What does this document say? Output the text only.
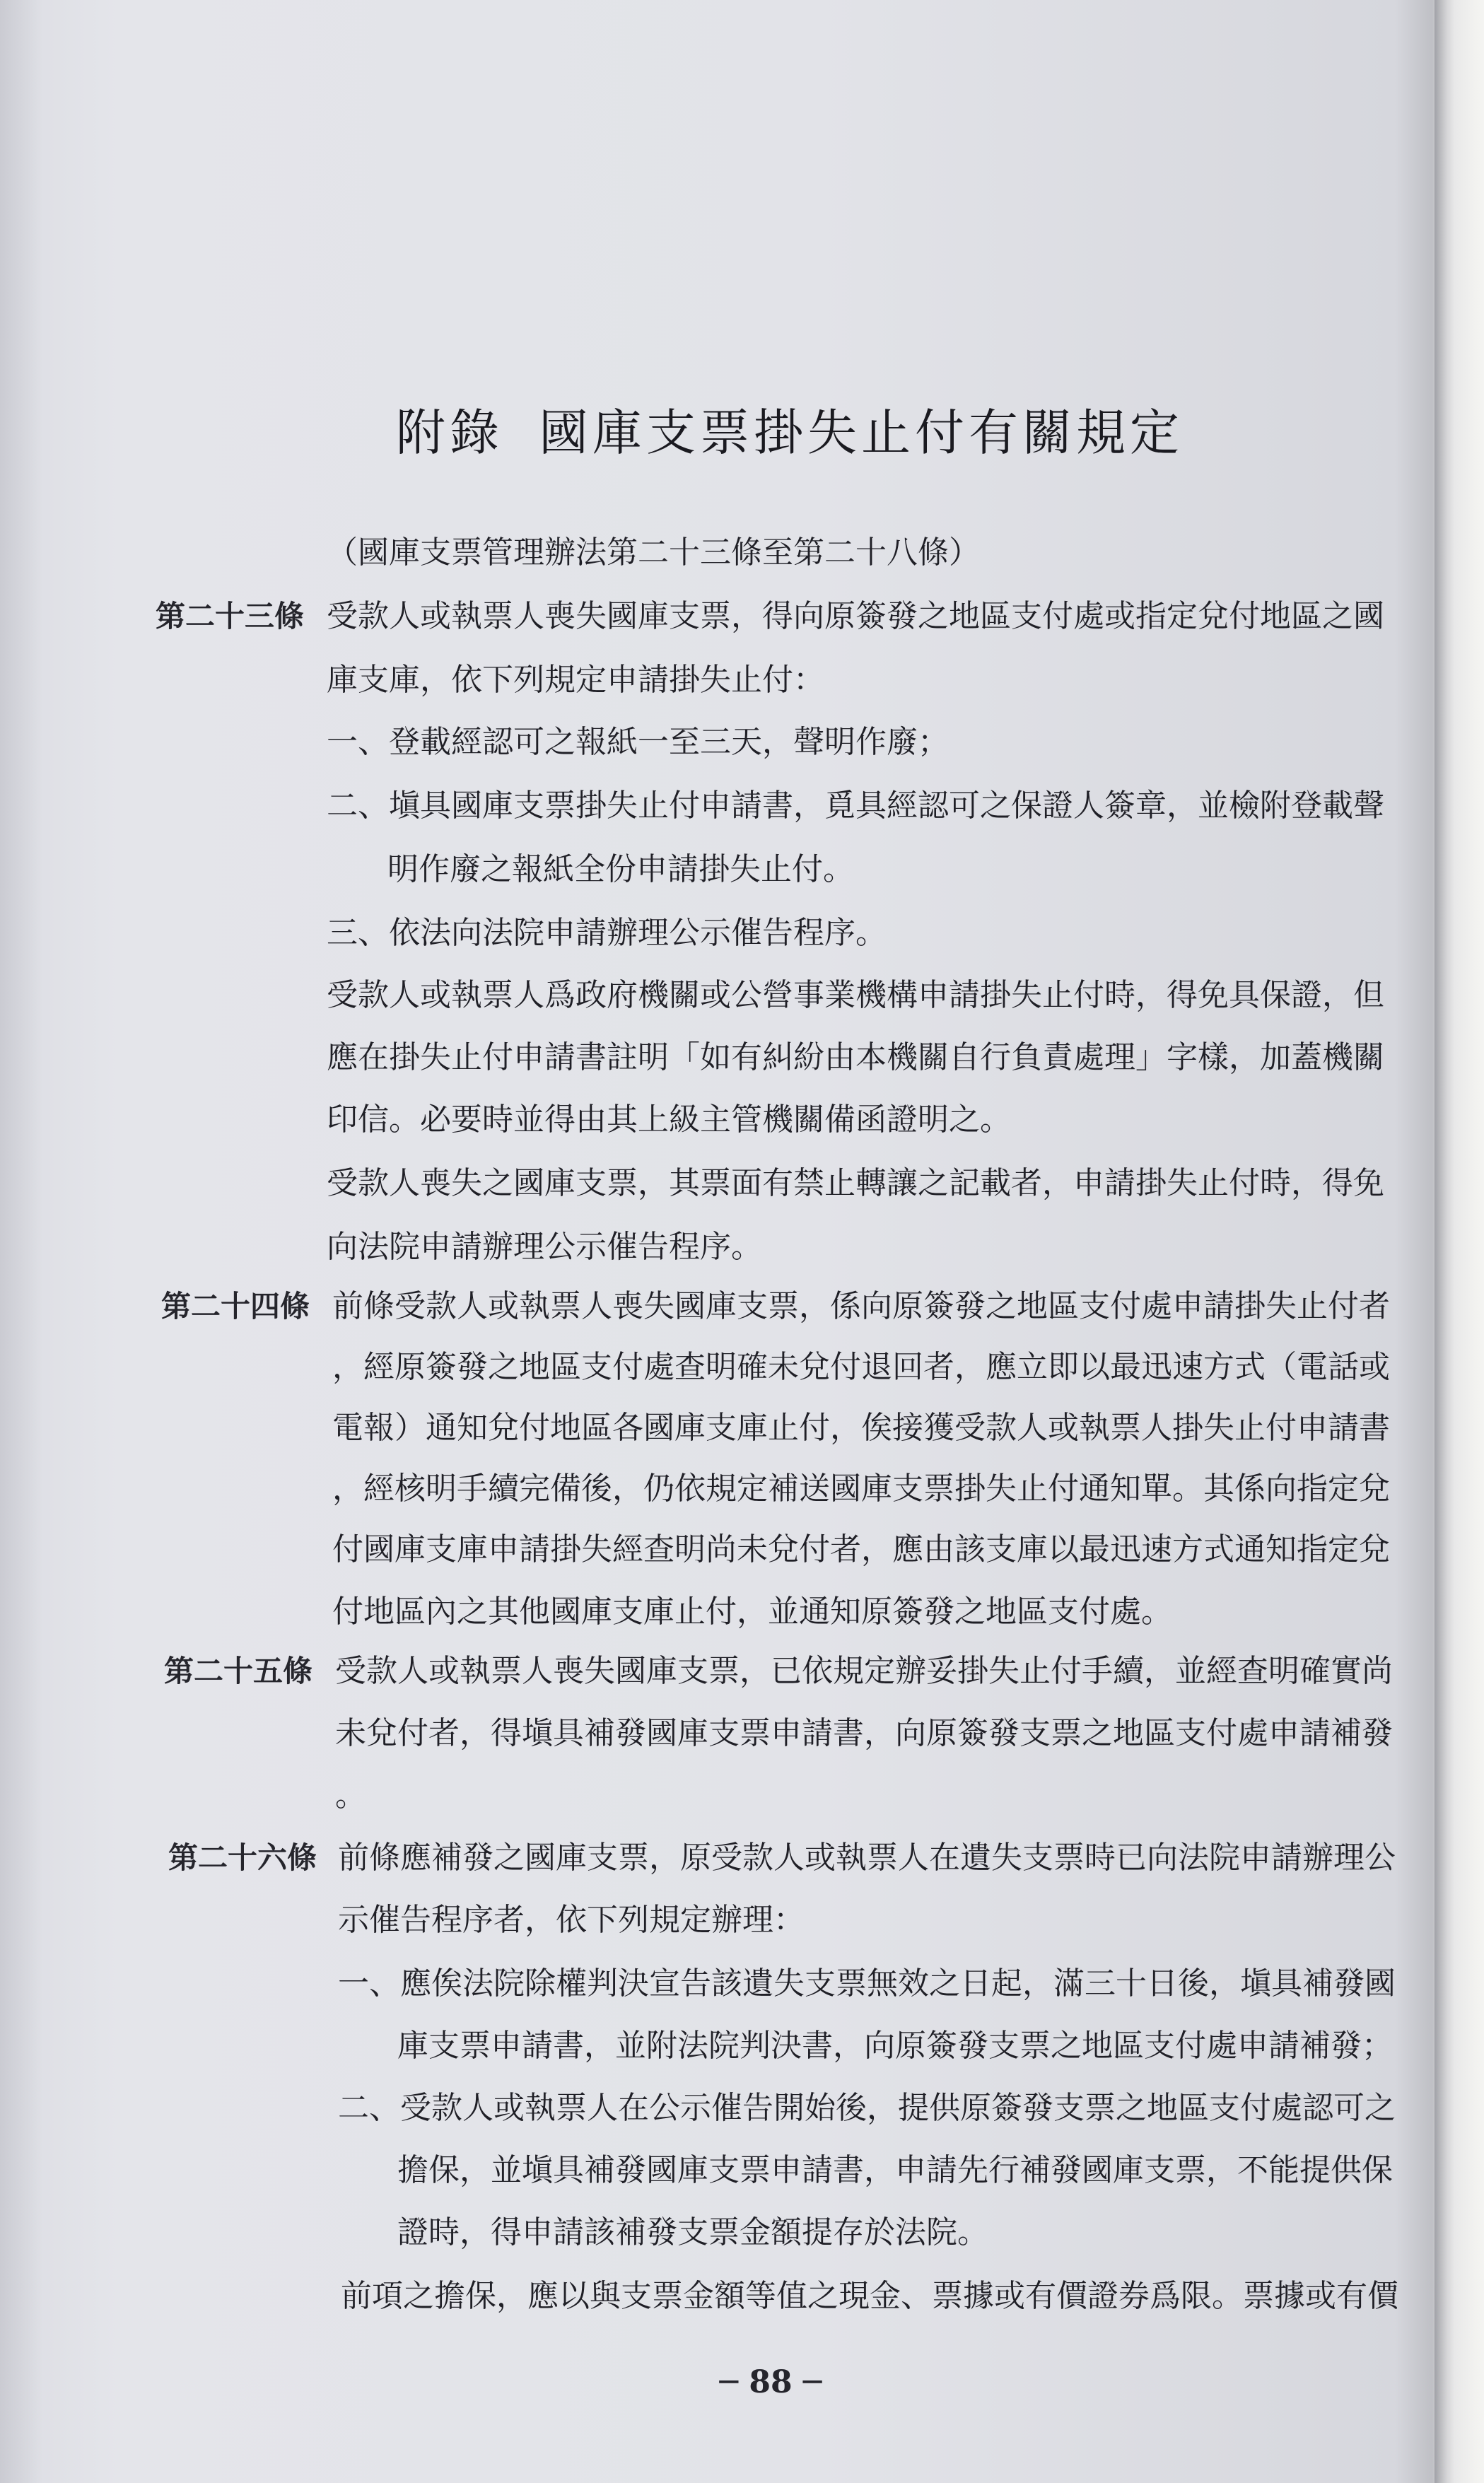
附錄 國庫支票掛失止付有關規定
（國庫支票管理辦法第二十三條至第二十八條）
第二十三條 受款人或執票人喪失國庫支票，得向原簽發之地區支付處或指定兌付地區之國
庫支庫，依下列規定申請掛失止付：
一、登載經認可之報紙一至三天，聲明作廢；
二、塡具國庫支票掛失止付申請書，覓具經認可之保證人簽章，並檢附登載聲
明作廢之報紙全份申請掛失止付。
三、依法向法院申請辦理公示催告程序。
受款人或執票人爲政府機關或公營事業機構申請掛失止付時，得免具保證，但
應在掛失止付申請書註明「如有糾紛由本機關自行負責處理」字樣，加蓋機關
印信。必要時並得由其上級主管機關備函證明之。
受款人喪失之國庫支票，其票面有禁止轉讓之記載者，申請掛失止付時，得免
向法院申請辦理公示催告程序。
第二十四條 前條受款人或執票人喪失國庫支票，係向原簽發之地區支付處申請掛失止付者
，經原簽發之地區支付處查明確未兌付退回者，應立即以最迅速方式（電話或
電報）通知兌付地區各國庫支庫止付，俟接獲受款人或執票人掛失止付申請書
，經核明手續完備後，仍依規定補送國庫支票掛失止付通知單。其係向指定兌
付國庫支庫申請掛失經查明尚未兌付者，應由該支庫以最迅速方式通知指定兌
付地區內之其他國庫支庫止付，並通知原簽發之地區支付處。
第二十五條 受款人或執票人喪失國庫支票，已依規定辦妥掛失止付手續，並經查明確實尚
未兌付者，得塡具補發國庫支票申請書，向原簽發支票之地區支付處申請補發
。
第二十六條 前條應補發之國庫支票，原受款人或執票人在遺失支票時已向法院申請辦理公
示催告程序者，依下列規定辦理：
一、應俟法院除權判決宣告該遺失支票無效之日起，滿三十日後，塡具補發國
庫支票申請書，並附法院判決書，向原簽發支票之地區支付處申請補發；
二、受款人或執票人在公示催告開始後，提供原簽發支票之地區支付處認可之
擔保，並塡具補發國庫支票申請書，申請先行補發國庫支票，不能提供保
證時，得申請該補發支票金額提存於法院。
前項之擔保，應以與支票金額等值之現金、票據或有價證券爲限。票據或有價
─ 88 ─
